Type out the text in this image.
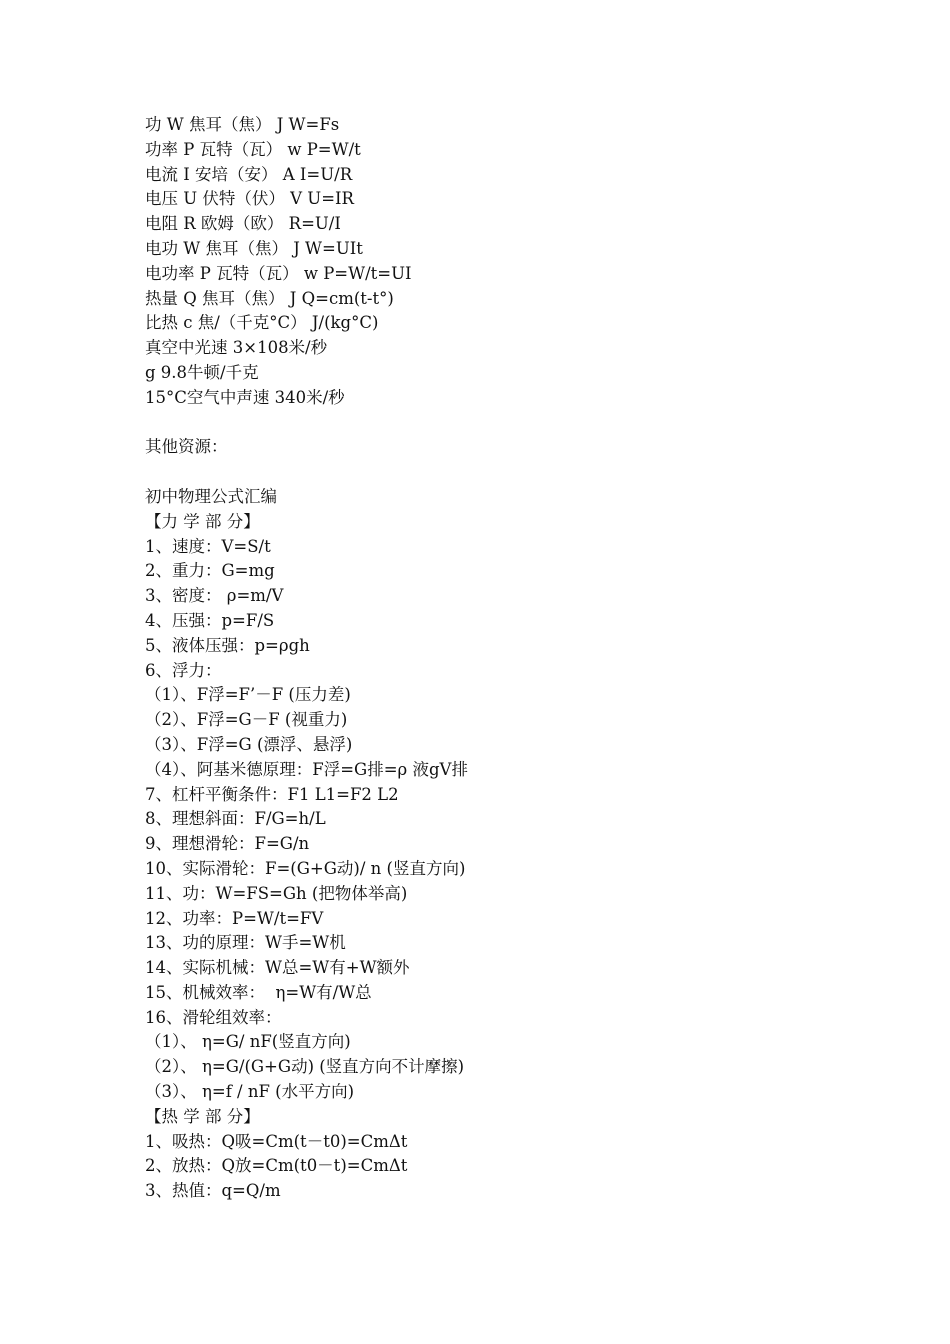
功 W 焦耳（焦） J W=Fs
功率 P 瓦特（瓦） w P=W/t
电流 I 安培（安） A I=U/R
电压 U 伏特（伏） V U=IR
电阻 R 欧姆（欧） R=U/I
电功 W 焦耳（焦） J W=UIt
电功率 P 瓦特（瓦） w P=W/t=UI
热量 Q 焦耳（焦） J Q=cm(t-t°)
比热 c 焦/（千克°C） J/(kg°C)
真空中光速 3×108米/秒
g 9.8牛顿/千克
15°C空气中声速 340米/秒
其他资源：
初中物理公式汇编
【力 学 部 分】
1、速度：V=S/t
2、重力：G=mg
3、密度： ρ=m/V
4、压强：p=F/S
5、液体压强：p=ρgh
6、浮力：
（1）、F浮=F’－F (压力差)
（2）、F浮=G－F (视重力)
（3）、F浮=G (漂浮、悬浮)
（4）、阿基米德原理：F浮=G排=ρ 液gV排
7、杠杆平衡条件：F1 L1=F2 L2
8、理想斜面：F/G=h/L
9、理想滑轮：F=G/n
10、实际滑轮：F=(G+G动)/ n (竖直方向)
11、功：W=FS=Gh (把物体举高)
12、功率：P=W/t=FV
13、功的原理：W手=W机
14、实际机械：W总=W有+W额外
15、机械效率：  η=W有/W总
16、滑轮组效率：
（1）、 η=G/ nF(竖直方向)
（2）、 η=G/(G+G动) (竖直方向不计摩擦)
（3）、 η=f / nF (水平方向)
【热 学 部 分】
1、吸热：Q吸=Cm(t－t0)=CmΔt
2、放热：Q放=Cm(t0－t)=CmΔt
3、热值：q=Q/m
